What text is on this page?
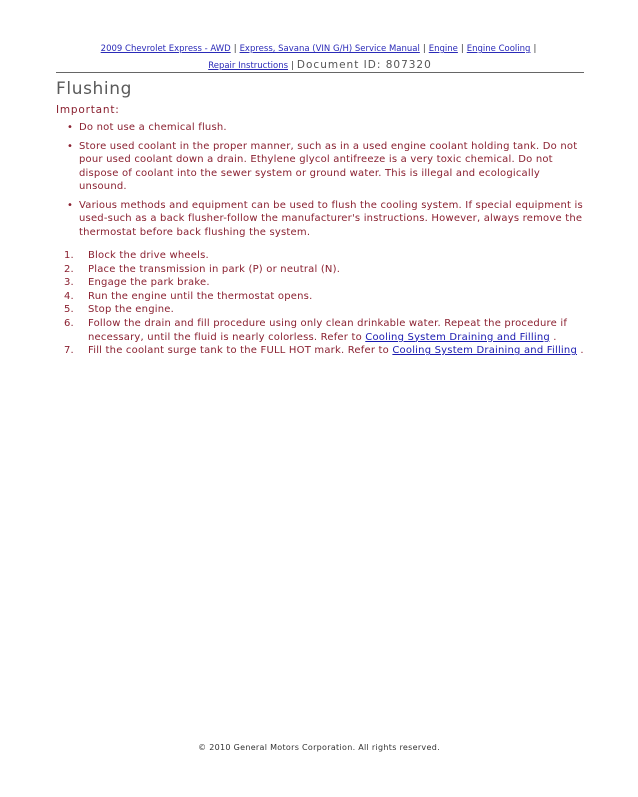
2009 Chevrolet Express - AWD | Express, Savana (VIN G/H) Service Manual | Engine | Engine Cooling |
Repair Instructions | Document ID: 807320
Flushing
Important:
• Do not use a chemical flush.
• Store used coolant in the proper manner, such as in a used engine coolant holding tank. Do not pour used coolant down a drain. Ethylene glycol antifreeze is a very toxic chemical. Do not dispose of coolant into the sewer system or ground water. This is illegal and ecologically unsound.
• Various methods and equipment can be used to flush the cooling system. If special equipment is used-such as a back flusher-follow the manufacturer's instructions. However, always remove the thermostat before back flushing the system.
1. Block the drive wheels.
2. Place the transmission in park (P) or neutral (N).
3. Engage the park brake.
4. Run the engine until the thermostat opens.
5. Stop the engine.
6. Follow the drain and fill procedure using only clean drinkable water. Repeat the procedure if necessary, until the fluid is nearly colorless. Refer to Cooling System Draining and Filling .
7. Fill the coolant surge tank to the FULL HOT mark. Refer to Cooling System Draining and Filling .
© 2010 General Motors Corporation. All rights reserved.
